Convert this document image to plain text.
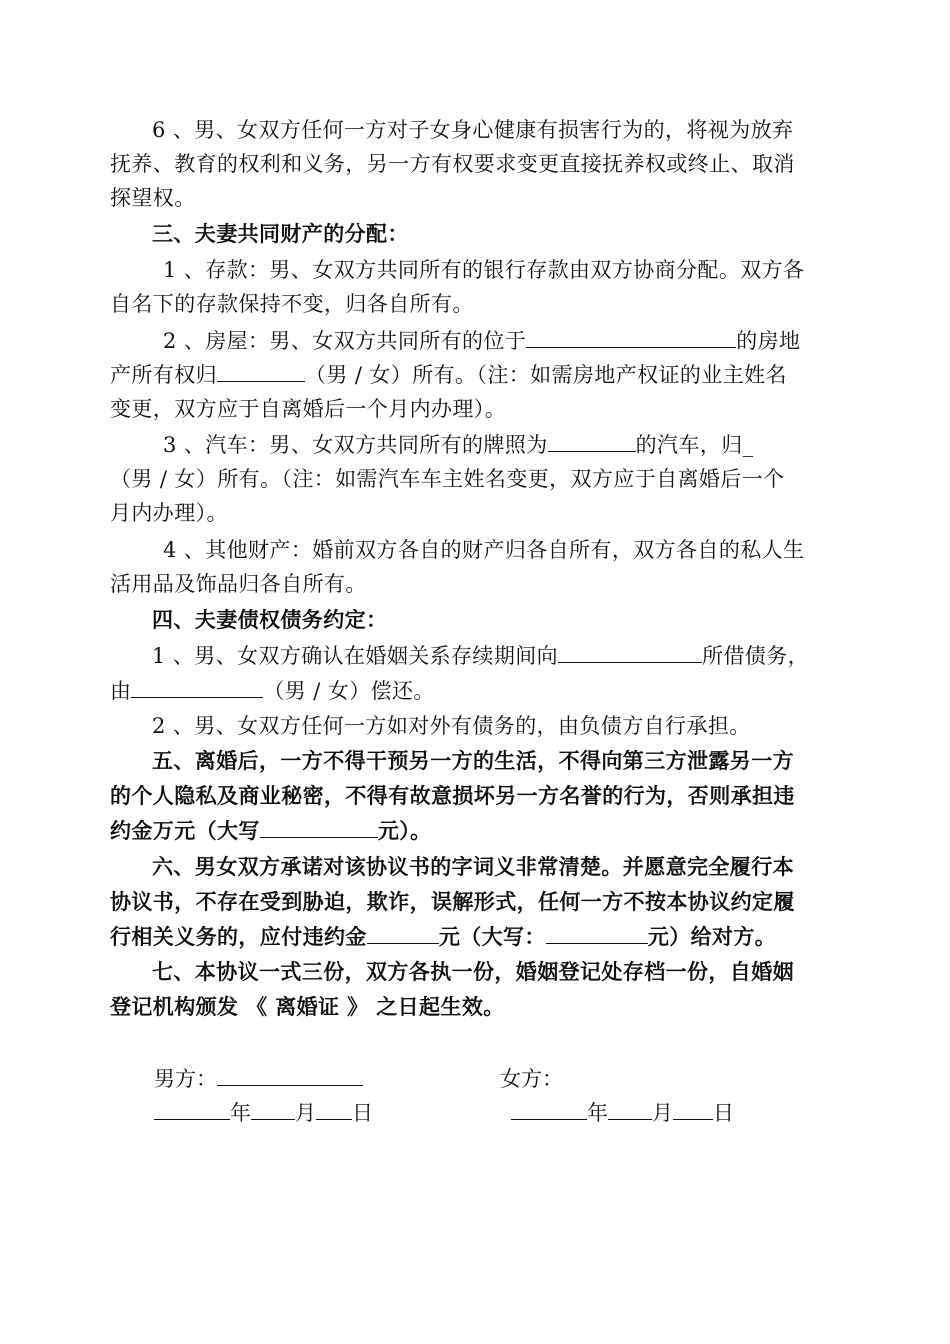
6 、男、女双方任何一方对子女身心健康有损害行为的，将视为放弃
抚养、教育的权利和义务，另一方有权要求变更直接抚养权或终止、取消
探望权。
三、夫妻共同财产的分配：
1 、存款：男、女双方共同所有的银行存款由双方协商分配。双方各
自名下的存款保持不变，归各自所有。
2 、房屋：男、女双方共同所有的位于	的房地
产所有权归	（男 / 女）所有。（注：如需房地产权证的业主姓名
变更，双方应于自离婚后一个月内办理）。
3 、汽车：男、女双方共同所有的牌照为	的汽车，归_
（男 / 女）所有。（注：如需汽车车主姓名变更，双方应于自离婚后一个
月内办理）。
4 、其他财产：婚前双方各自的财产归各自所有，双方各自的私人生
活用品及饰品归各自所有。
四、夫妻债权债务约定：
1 、男、女双方确认在婚姻关系存续期间向	所借债务，
由	（男 / 女）偿还。
2 、男、女双方任何一方如对外有债务的，由负债方自行承担。
五、离婚后，一方不得干预另一方的生活，不得向第三方泄露另一方
的个人隐私及商业秘密，不得有故意损坏另一方名誉的行为，否则承担违
约金万元（大写	元）。
六、男女双方承诺对该协议书的字词义非常清楚。并愿意完全履行本
协议书，不存在受到胁迫，欺诈，误解形式，任何一方不按本协议约定履
行相关义务的，应付违约金	元（大写：	元）给对方。
七、本协议一式三份，双方各执一份，婚姻登记处存档一份，自婚姻
登记机构颁发 《 离婚证 》 之日起生效。
男方：	女方：
年 月 日	年 月 日
